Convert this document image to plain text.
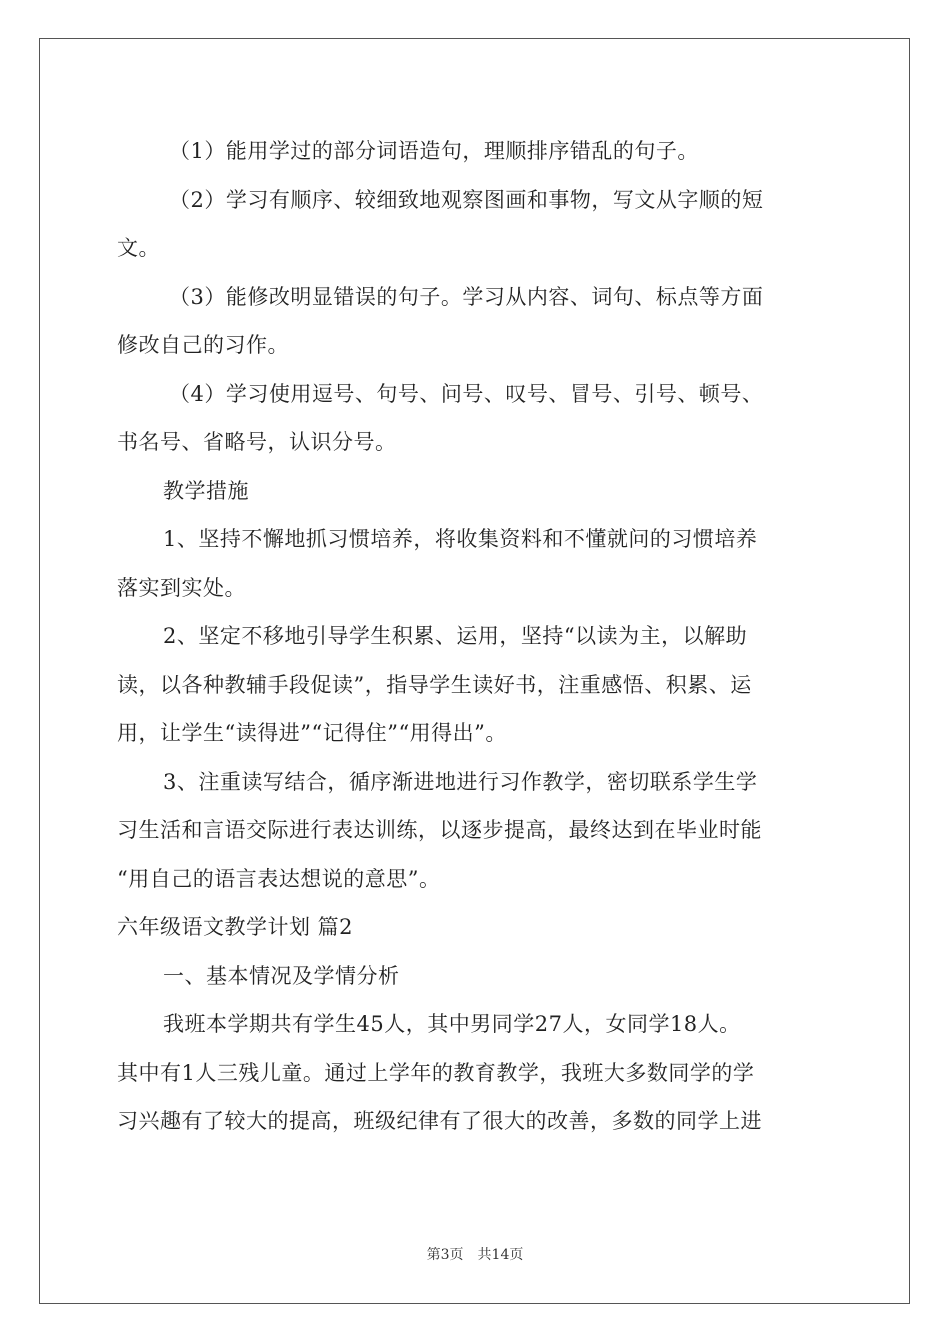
（1）能用学过的部分词语造句，理顺排序错乱的句子。
（2）学习有顺序、较细致地观察图画和事物，写文从字顺的短
文。
（3）能修改明显错误的句子。学习从内容、词句、标点等方面
修改自己的习作。
（4）学习使用逗号、句号、问号、叹号、冒号、引号、顿号、
书名号、省略号，认识分号。
教学措施
1、坚持不懈地抓习惯培养，将收集资料和不懂就问的习惯培养
落实到实处。
2、坚定不移地引导学生积累、运用，坚持“以读为主，以解助
读，以各种教辅手段促读”，指导学生读好书，注重感悟、积累、运
用，让学生“读得进”“记得住”“用得出”。
3、注重读写结合，循序渐进地进行习作教学，密切联系学生学
习生活和言语交际进行表达训练，以逐步提高，最终达到在毕业时能
“用自己的语言表达想说的意思”。
六年级语文教学计划 篇2
一、基本情况及学情分析
我班本学期共有学生45人，其中男同学27人，女同学18人。
其中有1人三残儿童。通过上学年的教育教学，我班大多数同学的学
习兴趣有了较大的提高，班级纪律有了很大的改善，多数的同学上进
第3页　共14页
